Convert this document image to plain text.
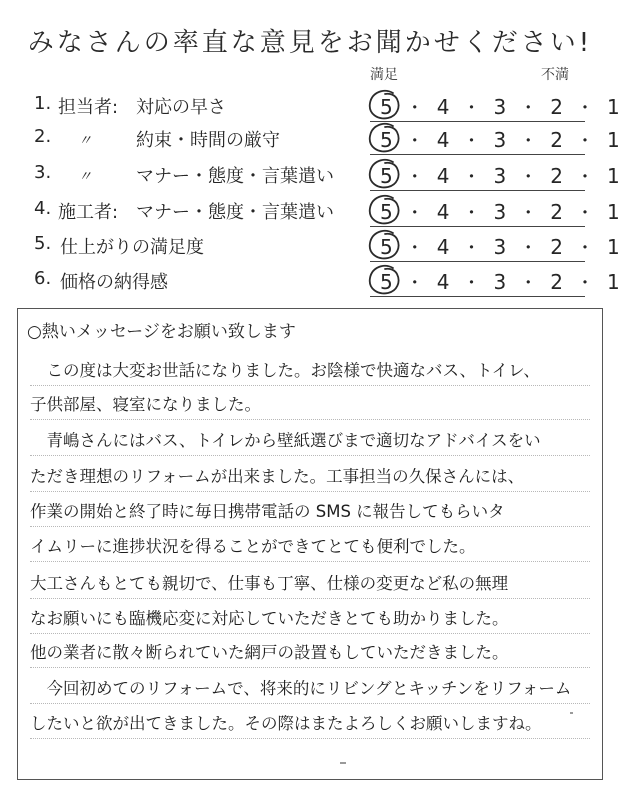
みなさんの率直な意見をお聞かせください!
満足	不満
1. 担当者: 対応の早さ	5 ・ 4 ・ 3 ・ 2 ・ 1
2. 〃	約束・時間の厳守	5 ・ 4 ・ 3 ・ 2 ・ 1
3. 〃	マナー・態度・言葉遣い 5 ・ 4 ・ 3 ・ 2 ・ 1
4. 施工者: マナー・態度・言葉遣い 5 ・ 4 ・ 3 ・ 2 ・ 1
5. 仕上がりの満足度	5 ・ 4 ・ 3 ・ 2 ・ 1
6. 価格の納得感	5 ・ 4 ・ 3 ・ 2 ・ 1
○熱いメッセージをお願い致します
　この度は大変お世話になりました。お陰様で快適なバス、トイレ、
子供部屋、寝室になりました。
　青嶋さんにはバス、トイレから壁紙選びまで適切なアドバイスをい
ただき理想のリフォームが出来ました。工事担当の久保さんには、
作業の開始と終了時に毎日携帯電話の SMS に報告してもらいタ
イムリーに進捗状況を得ることができてとても便利でした。
大工さんもとても親切で、仕事も丁寧、仕様の変更など私の無理
なお願いにも臨機応変に対応していただきとても助かりました。
他の業者に散々断られていた網戸の設置もしていただきました。
　今回初めてのリフォームで、将来的にリビングとキッチンをリフォーム
したいと欲が出てきました。その際はまたよろしくお願いしますね。
